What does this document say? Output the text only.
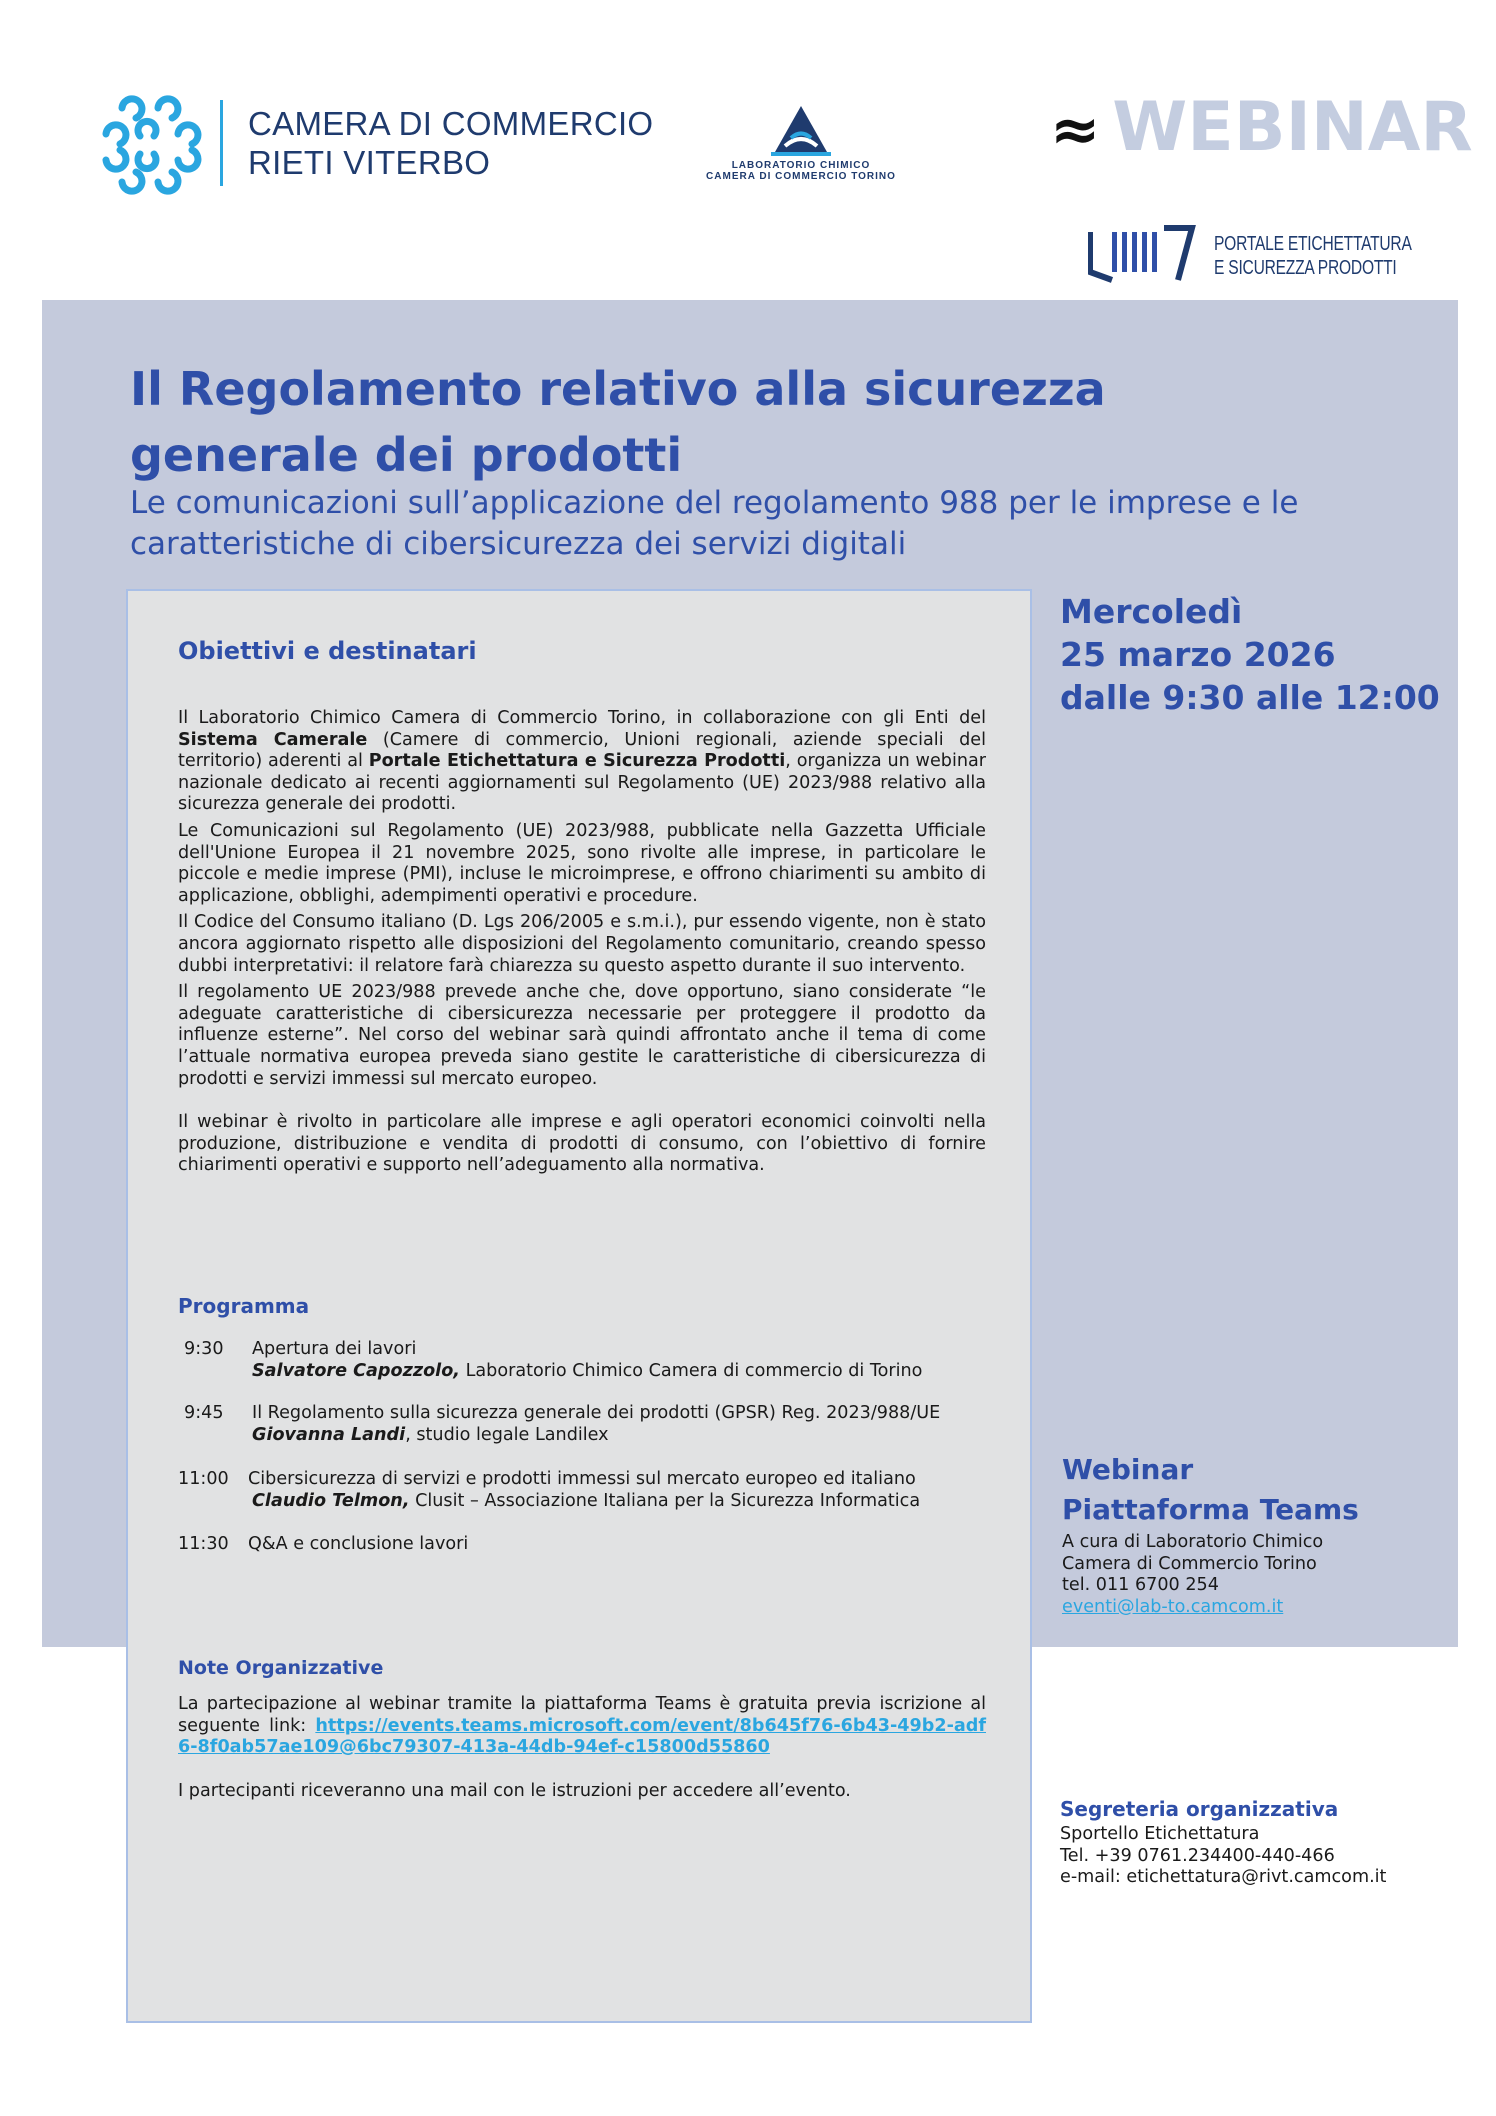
CAMERA DI COMMERCIO
RIETI VITERBO	LABORATORIO CHIMICO
CAMERA DI COMMERCIO TORINO
≈ WEBINAR
PORTALE ETICHETTATURA
E SICUREZZA PRODOTTI
Il Regolamento relativo alla sicurezza generale dei prodotti

Le comunicazioni sull’applicazione del regolamento 988 per le imprese e le caratteristiche di cibersicurezza dei servizi digitali

Obiettivi e destinatari

Il Laboratorio Chimico Camera di Commercio Torino, in collaborazione con gli Enti del Sistema Camerale (Camere di commercio, Unioni regionali, aziende speciali del territorio) aderenti al Portale Etichettatura e Sicurezza Prodotti, organizza un webinar nazionale dedicato ai recenti aggiornamenti sul Regolamento (UE) 2023/988 relativo alla sicurezza generale dei prodotti.

Le Comunicazioni sul Regolamento (UE) 2023/988, pubblicate nella Gazzetta Ufficiale dell'Unione Europea il 21 novembre 2025, sono rivolte alle imprese, in particolare le piccole e medie imprese (PMI), incluse le microimprese, e offrono chiarimenti su ambito di applicazione, obblighi, adempimenti operativi e procedure.

Il Codice del Consumo italiano (D. Lgs 206/2005 e s.m.i.), pur essendo vigente, non è stato ancora aggiornato rispetto alle disposizioni del Regolamento comunitario, creando spesso dubbi interpretativi: il relatore farà chiarezza su questo aspetto durante il suo intervento.

Il regolamento UE 2023/988 prevede anche che, dove opportuno, siano considerate “le adeguate caratteristiche di cibersicurezza necessarie per proteggere il prodotto da influenze esterne”. Nel corso del webinar sarà quindi affrontato anche il tema di come l’attuale normativa europea preveda siano gestite le caratteristiche di cibersicurezza di prodotti e servizi immessi sul mercato europeo.

Il webinar è rivolto in particolare alle imprese e agli operatori economici coinvolti nella produzione, distribuzione e vendita di prodotti di consumo, con l’obiettivo di fornire chiarimenti operativi e supporto nell’adeguamento alla normativa.

Programma
9:30 Apertura dei lavori
Salvatore Capozzolo, Laboratorio Chimico Camera di commercio di Torino
9:45 Il Regolamento sulla sicurezza generale dei prodotti (GPSR) Reg. 2023/988/UE
Giovanna Landi, studio legale Landilex
11:00 Cibersicurezza di servizi e prodotti immessi sul mercato europeo ed italiano
Claudio Telmon, Clusit – Associazione Italiana per la Sicurezza Informatica
11:30 Q&A e conclusione lavori
Note Organizzative

La partecipazione al webinar tramite la piattaforma Teams è gratuita previa iscrizione al seguente link: https://events.teams.microsoft.com/event/8b645f76-6b43-49b2-adf6-8f0ab57ae109@6bc79307-413a-44db-94ef-c15800d55860

I partecipanti riceveranno una mail con le istruzioni per accedere all’evento.

Mercoledì
25 marzo 2026
dalle 9:30 alle 12:00
Webinar
Piattaforma Teams
A cura di Laboratorio Chimico
Camera di Commercio Torino
tel. 011 6700 254
eventi@lab-to.camcom.it
Segreteria organizzativa
Sportello Etichettatura
Tel. +39 0761.234400-440-466
e-mail: etichettatura@rivt.camcom.it
